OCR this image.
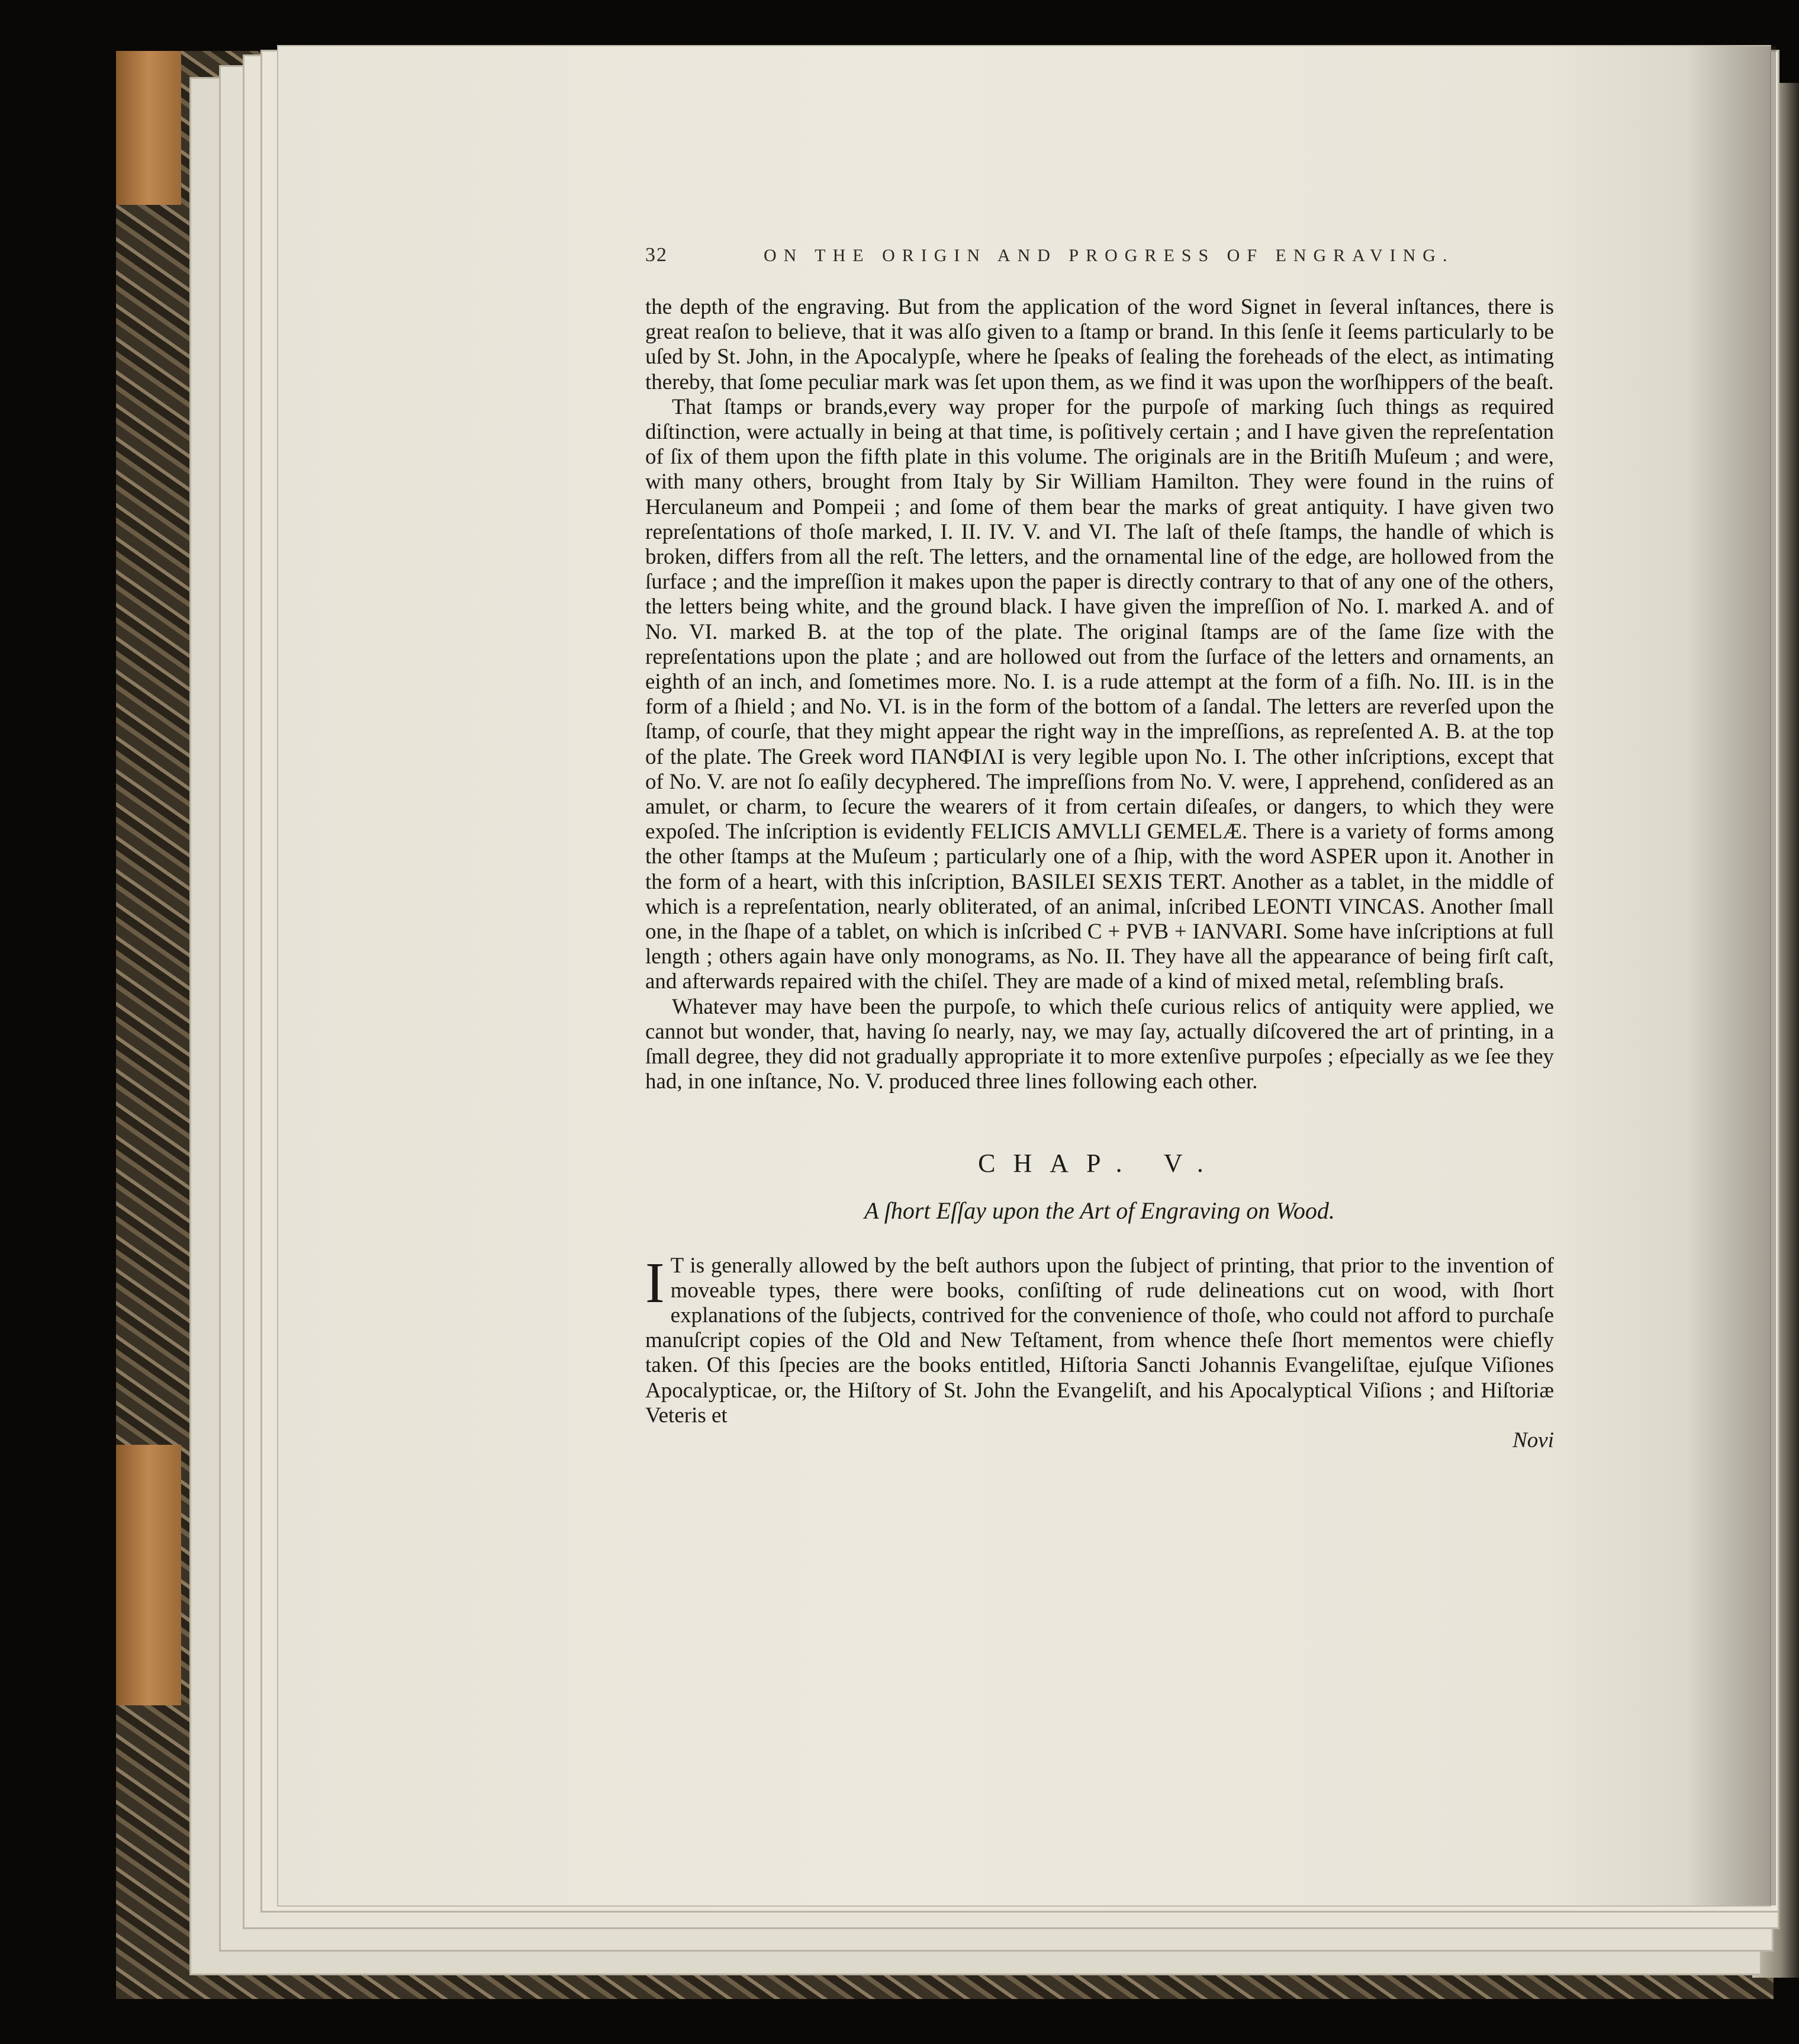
32	ON THE ORIGIN AND PROGRESS OF ENGRAVING.

the depth of the engraving. But from the application of the word Signet in ſeveral inſtances, there is great reaſon to believe, that it was alſo given to a ſtamp or brand. In this ſenſe it ſeems particularly to be uſed by St. John, in the Apocalypſe, where he ſpeaks of ſealing the foreheads of the elect, as intimating thereby, that ſome peculiar mark was ſet upon them, as we find it was upon the worſhippers of the beaſt.

That ſtamps or brands,every way proper for the purpoſe of marking ſuch things as required diſtinction, were actually in being at that time, is poſitively certain ; and I have given the repreſentation of ſix of them upon the fifth plate in this volume. The originals are in the Britiſh Muſeum ; and were, with many others, brought from Italy by Sir William Hamilton. They were found in the ruins of Herculaneum and Pompeii ; and ſome of them bear the marks of great antiquity. I have given two repreſentations of thoſe marked, I. II. IV. V. and VI. The laſt of theſe ſtamps, the handle of which is broken, differs from all the reſt. The letters, and the ornamental line of the edge, are hollowed from the ſurface ; and the impreſſion it makes upon the paper is directly contrary to that of any one of the others, the letters being white, and the ground black. I have given the impreſſion of No. I. marked A. and of No. VI. marked B. at the top of the plate. The original ſtamps are of the ſame ſize with the repreſentations upon the plate ; and are hollowed out from the ſurface of the letters and ornaments, an eighth of an inch, and ſometimes more. No. I. is a rude attempt at the form of a fiſh. No. III. is in the form of a ſhield ; and No. VI. is in the form of the bottom of a ſandal. The letters are reverſed upon the ſtamp, of courſe, that they might appear the right way in the impreſſions, as repreſented A. B. at the top of the plate. The Greek word ΠΑΝΦΙΛΙ is very legible upon No. I. The other inſcriptions, except that of No. V. are not ſo eaſily decyphered. The impreſſions from No. V. were, I apprehend, conſidered as an amulet, or charm, to ſecure the wearers of it from certain diſeaſes, or dangers, to which they were expoſed. The inſcription is evidently FELICIS AMVLLI GEMELÆ. There is a variety of forms among the other ſtamps at the Muſeum ; particularly one of a ſhip, with the word ASPER upon it. Another in the form of a heart, with this inſcription, BASILEI SEXIS TERT. Another as a tablet, in the middle of which is a repreſentation, nearly obliterated, of an animal, inſcribed LEONTI VINCAS. Another ſmall one, in the ſhape of a tablet, on which is inſcribed C + PVB + IANVARI. Some have inſcriptions at full length ; others again have only monograms, as No. II. They have all the appearance of being firſt caſt, and afterwards repaired with the chiſel. They are made of a kind of mixed metal, reſembling braſs.

Whatever may have been the purpoſe, to which theſe curious relics of antiquity were applied, we cannot but wonder, that, having ſo nearly, nay, we may ſay, actually diſcovered the art of printing, in a ſmall degree, they did not gradually appropriate it to more extenſive purpoſes ; eſpecially as we ſee they had, in one inſtance, No. V. produced three lines following each other.

CHAP. V.
A ſhort Eſſay upon the Art of Engraving on Wood.

I T is generally allowed by the beſt authors upon the ſubject of printing, that prior to the invention of moveable types, there were books, conſiſting of rude delineations cut on wood, with ſhort explanations of the ſubjects, contrived for the convenience of thoſe, who could not afford to purchaſe manuſcript copies of the Old and New Teſtament, from whence theſe ſhort mementos were chiefly taken. Of this ſpecies are the books entitled, Hiſtoria Sancti Johannis Evangeliſtae, ejuſque Viſiones Apocalypticae, or, the Hiſtory of St. John the Evangeliſt, and his Apocalyptical Viſions ; and Hiſtoriæ Veteris et

Novi
